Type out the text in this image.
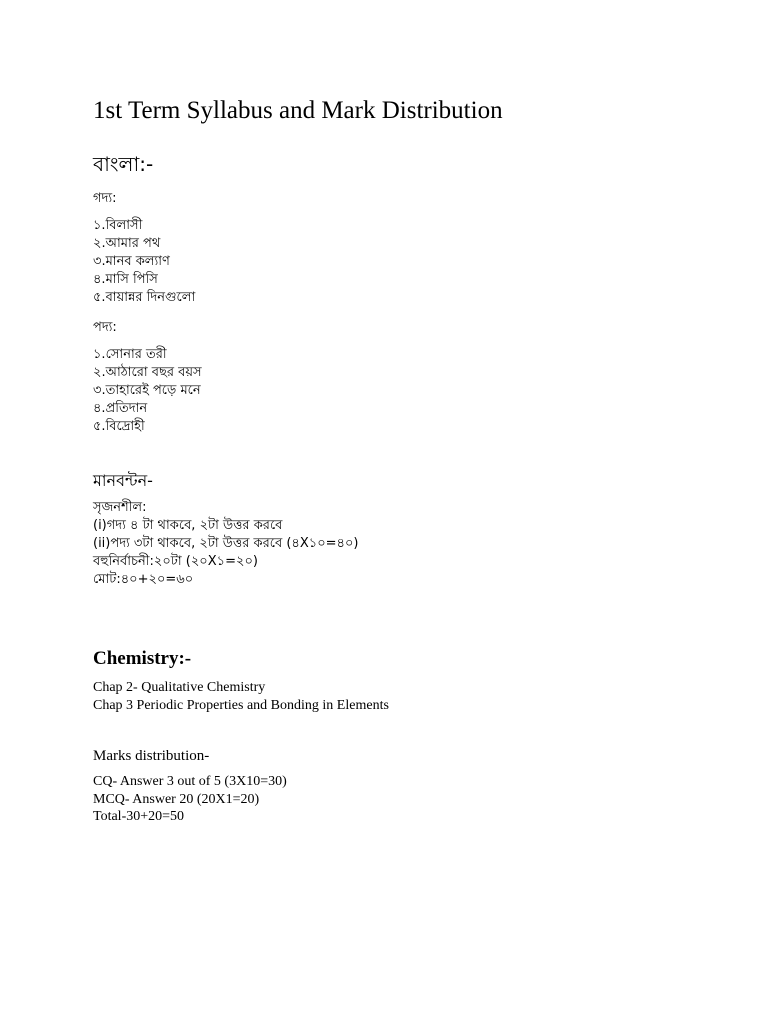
1st Term Syllabus and Mark Distribution
বাংলা:-
গদ্য:
১.বিলাসী
২.আমার পথ
৩.মানব কল্যাণ
৪.মাসি পিসি
৫.বায়ান্নর দিনগুলো
পদ্য:
১.সোনার তরী
২.আঠারো বছর বয়স
৩.তাহারেই পড়ে মনে
৪.প্রতিদান
৫.বিদ্রোহী
মানবন্টন-
সৃজনশীল:
(i)গদ্য ৪ টা থাকবে, ২টা উত্তর করবে
(ii)পদ্য ৩টা থাকবে, ২টা উত্তর করবে (৪X১০=৪০)
বহুনির্বাচনী:২০টা (২০X১=২০)
মোট:৪০+২০=৬০
Chemistry:-
Chap 2- Qualitative Chemistry
Chap 3 Periodic Properties and Bonding in Elements
Marks distribution-
CQ- Answer 3 out of 5 (3X10=30)
MCQ- Answer 20 (20X1=20)
Total-30+20=50
